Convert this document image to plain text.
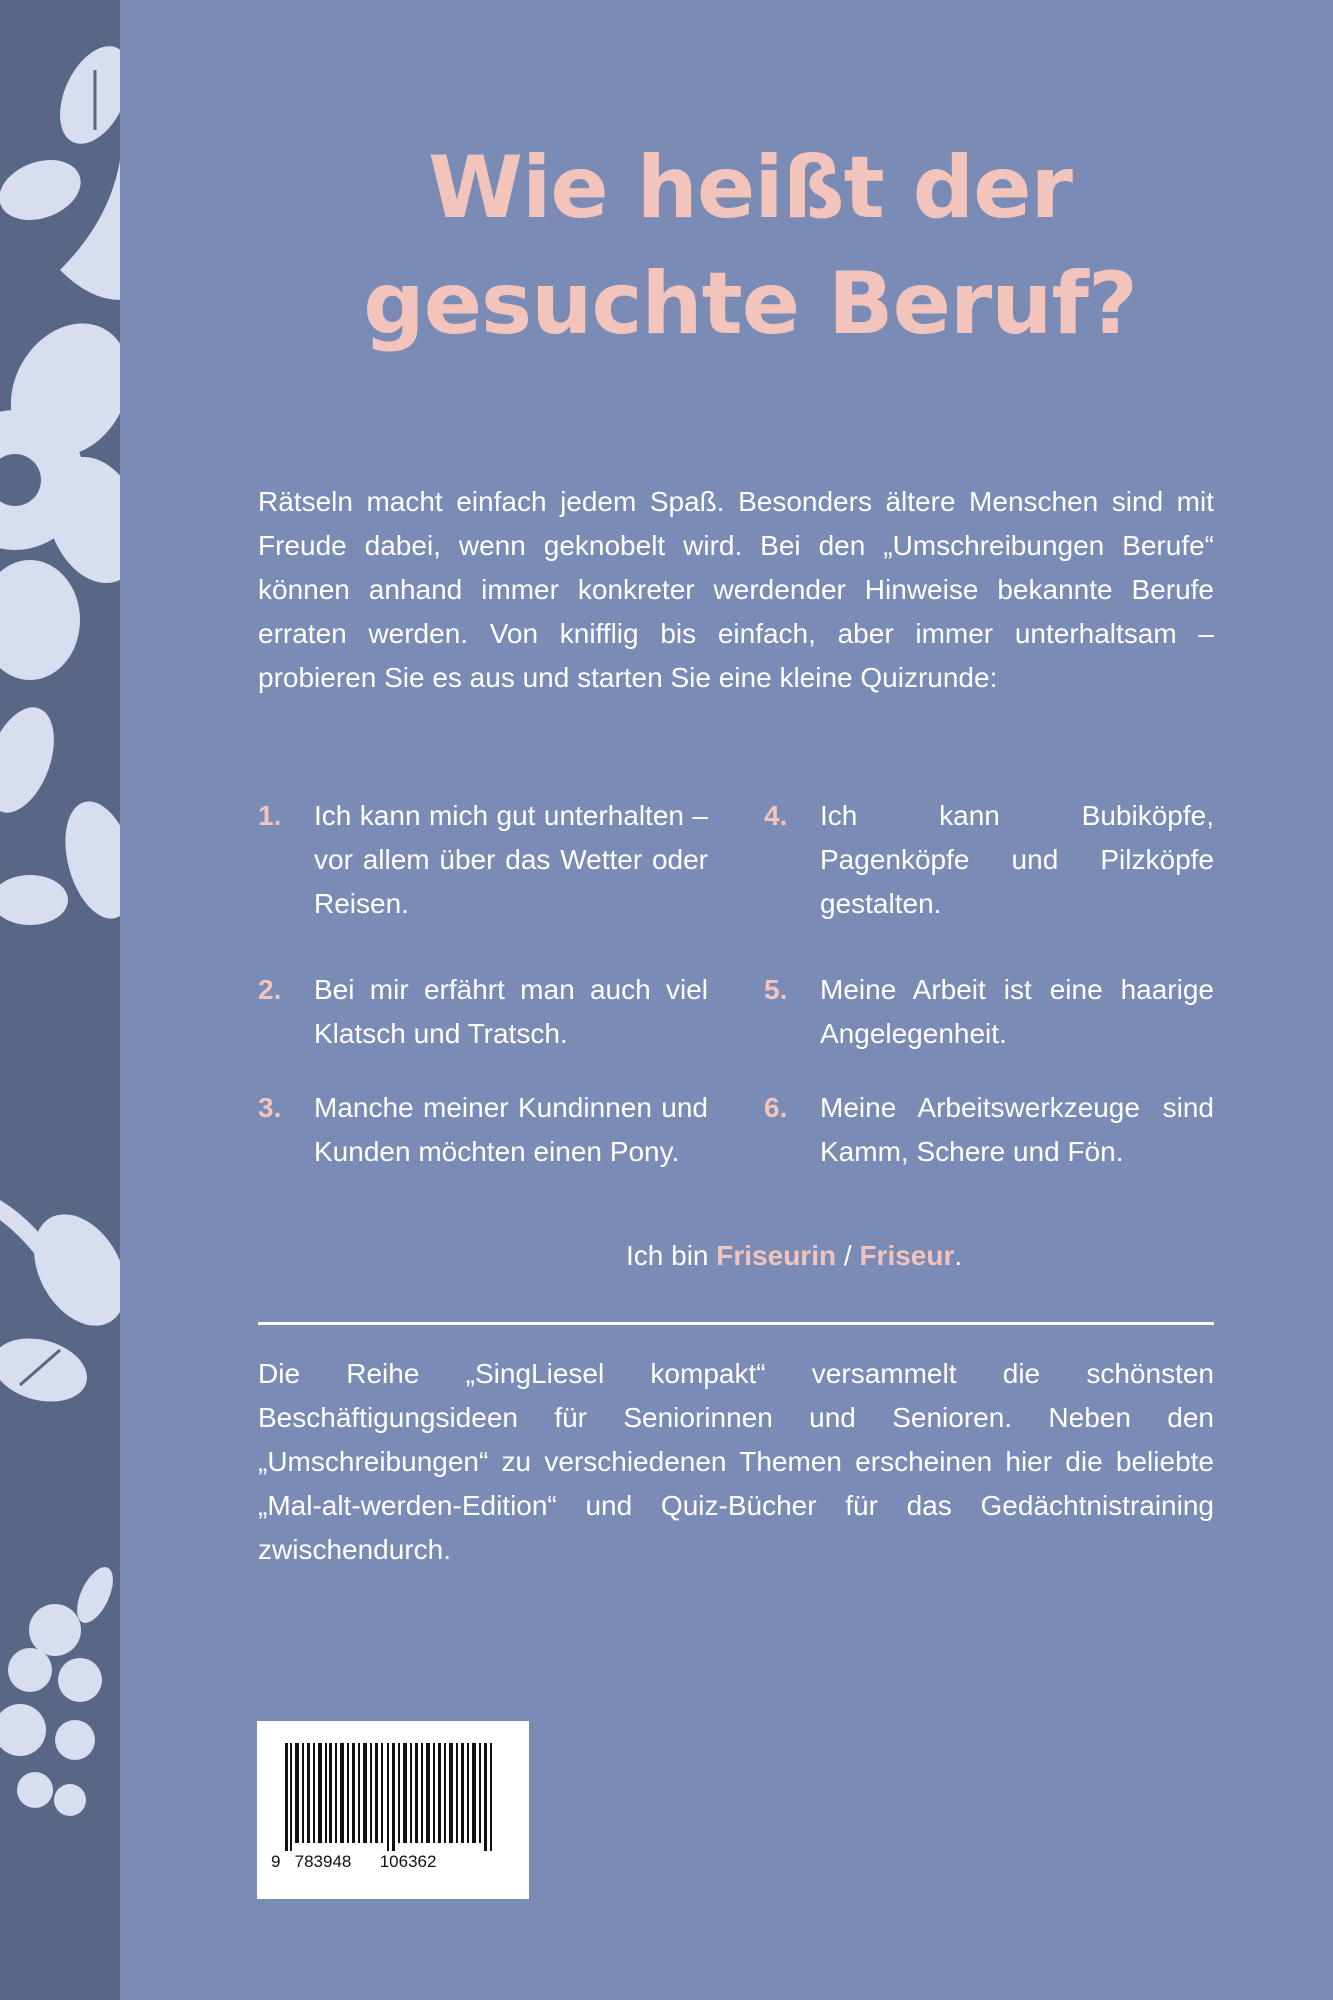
Wie heißt der
gesuchte Beruf?

Rätseln macht einfach jedem Spaß. Besonders ältere Menschen sind mit Freude dabei, wenn geknobelt wird. Bei den „Umschreibungen Berufe“ können anhand immer konkreter werdender Hinweise bekannte Berufe erraten werden. Von knifflig bis einfach, aber immer unterhaltsam – probieren Sie es aus und starten Sie eine kleine Quizrunde:

1. Ich kann mich gut unterhalten – vor allem über das Wetter oder Reisen.
2. Bei mir erfährt man auch viel Klatsch und Tratsch.
3. Manche meiner Kundinnen und Kunden möchten einen Pony.
4. Ich kann Bubiköpfe, Pagenköpfe und Pilzköpfe gestalten.
5. Meine Arbeit ist eine haarige Angelegenheit.
6. Meine Arbeitswerkzeuge sind Kamm, Schere und Fön.
Ich bin Friseurin / Friseur.

Die Reihe „SingLiesel kompakt“ versammelt die schönsten Beschäftigungsideen für Seniorinnen und Senioren. Neben den „Umschreibungen“ zu verschiedenen Themen erscheinen hier die beliebte „Mal-alt-werden-Edition“ und Quiz-Bücher für das Gedächtnistraining zwischendurch.

9 783948 106362
